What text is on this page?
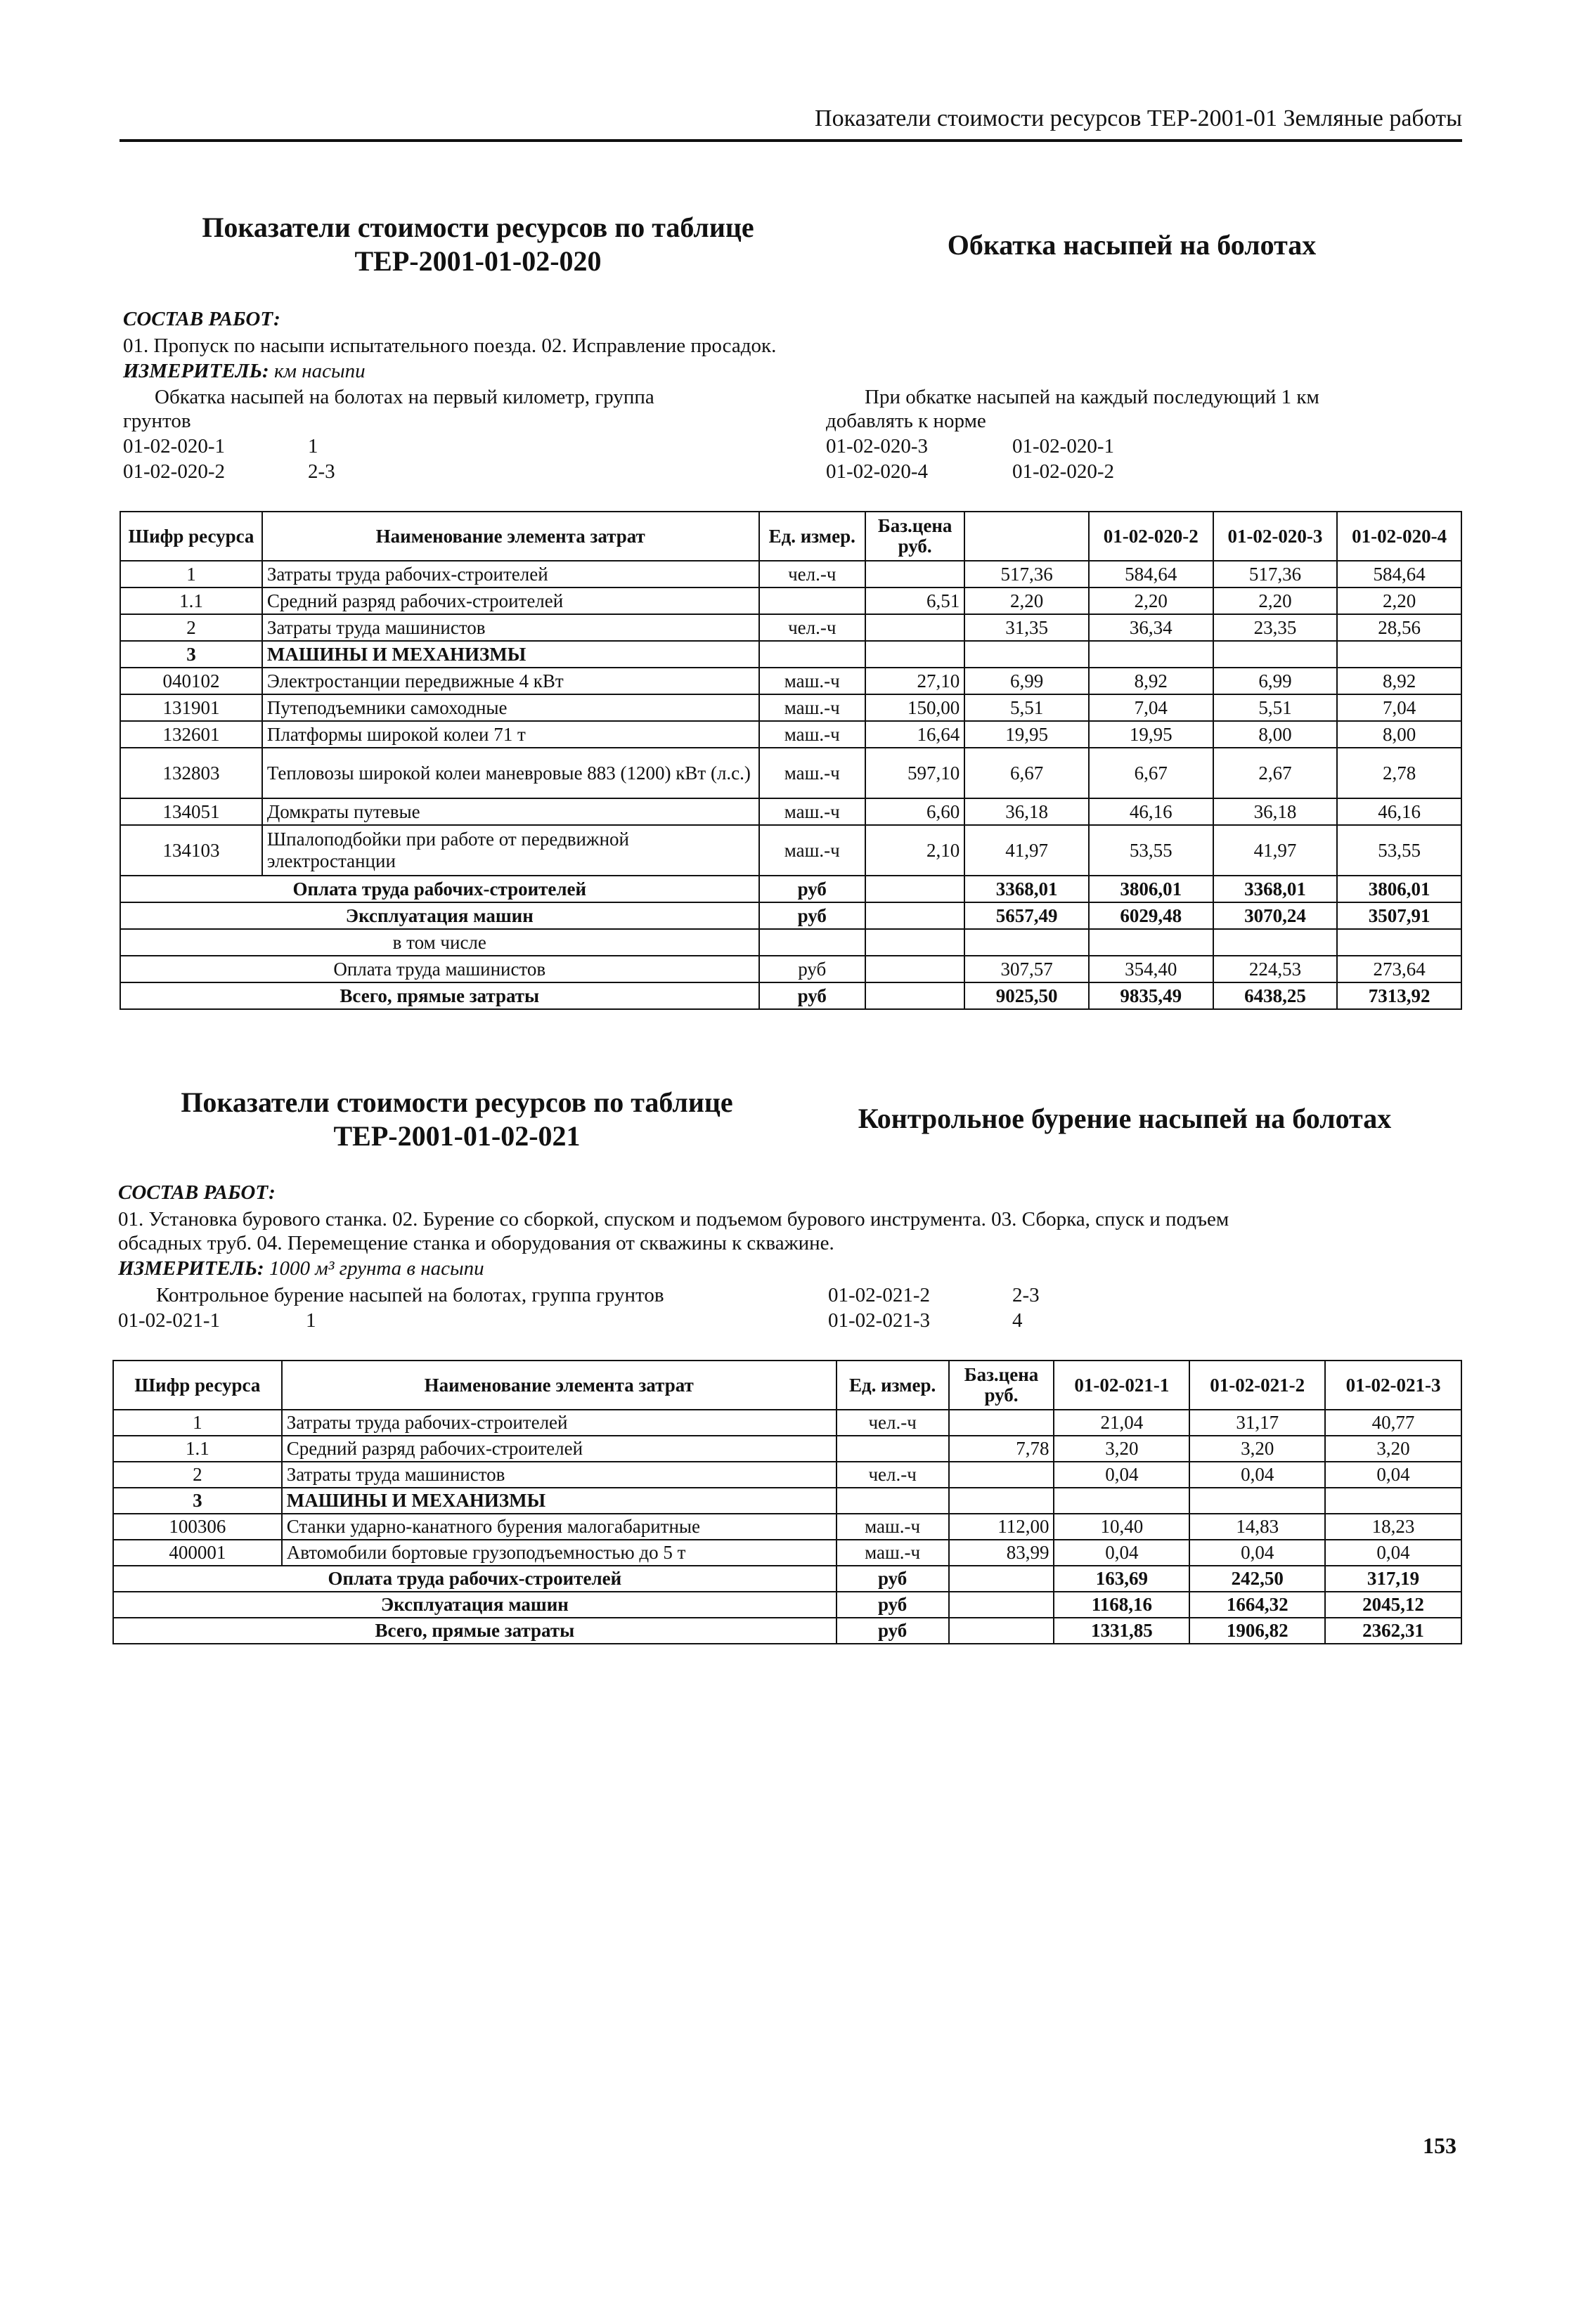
Показатели стоимости ресурсов ТЕР-2001-01 Земляные работы
Показатели стоимости ресурсов по таблице
ТЕР-2001-01-02-020
Обкатка насыпей на болотах
СОСТАВ РАБОТ:
01. Пропуск по насыпи испытательного поезда. 02. Исправление просадок.
ИЗМЕРИТЕЛЬ: км насыпи
Обкатка насыпей на болотах на первый километр, группа
грунтов
При обкатке насыпей на каждый последующий 1 км
добавлять к норме
01-02-020-1	1
01-02-020-2	2-3
01-02-020-3	01-02-020-1
01-02-020-4	01-02-020-2
Шифр ресурса	Наименование элемента затрат	Ед. измер.	Баз.цена руб.		01-02-020-2	01-02-020-3	01-02-020-4
1	Затраты труда рабочих-строителей	чел.-ч		517,36	584,64	517,36	584,64
1.1	Средний разряд рабочих-строителей		6,51	2,20	2,20	2,20	2,20
2	Затраты труда машинистов	чел.-ч		31,35	36,34	23,35	28,56
3	МАШИНЫ И МЕХАНИЗМЫ						
040102	Электростанции передвижные 4 кВт	маш.-ч	27,10	6,99	8,92	6,99	8,92
131901	Путеподъемники самоходные	маш.-ч	150,00	5,51	7,04	5,51	7,04
132601	Платформы широкой колеи 71 т	маш.-ч	16,64	19,95	19,95	8,00	8,00
132803	Тепловозы широкой колеи маневровые 883 (1200) кВт (л.с.)	маш.-ч	597,10	6,67	6,67	2,67	2,78
134051	Домкраты путевые	маш.-ч	6,60	36,18	46,16	36,18	46,16
134103	Шпалоподбойки при работе от передвижной электростанции	маш.-ч	2,10	41,97	53,55	41,97	53,55
Оплата труда рабочих-строителей		руб		3368,01	3806,01	3368,01	3806,01
Эксплуатация машин		руб		5657,49	6029,48	3070,24	3507,91
в том числе							
Оплата труда машинистов		руб		307,57	354,40	224,53	273,64
Всего, прямые затраты		руб		9025,50	9835,49	6438,25	7313,92
Показатели стоимости ресурсов по таблице
ТЕР-2001-01-02-021
Контрольное бурение насыпей на болотах
СОСТАВ РАБОТ:
01. Установка бурового станка. 02. Бурение со сборкой, спуском и подъемом бурового инструмента. 03. Сборка, спуск и подъем
обсадных труб. 04. Перемещение станка и оборудования от скважины к скважине.
ИЗМЕРИТЕЛЬ: 1000 м³ грунта в насыпи
Контрольное бурение насыпей на болотах, группа грунтов
01-02-021-1	1
01-02-021-2	2-3
01-02-021-3	4
Шифр ресурса	Наименование элемента затрат	Ед. измер.	Баз.цена руб.	01-02-021-1	01-02-021-2	01-02-021-3
1	Затраты труда рабочих-строителей	чел.-ч		21,04	31,17	40,77
1.1	Средний разряд рабочих-строителей		7,78	3,20	3,20	3,20
2	Затраты труда машинистов	чел.-ч		0,04	0,04	0,04
3	МАШИНЫ И МЕХАНИЗМЫ					
100306	Станки ударно-канатного бурения малогабаритные	маш.-ч	112,00	10,40	14,83	18,23
400001	Автомобили бортовые грузоподъемностью до 5 т	маш.-ч	83,99	0,04	0,04	0,04
Оплата труда рабочих-строителей		руб		163,69	242,50	317,19
Эксплуатация машин		руб		1168,16	1664,32	2045,12
Всего, прямые затраты		руб		1331,85	1906,82	2362,31
153
